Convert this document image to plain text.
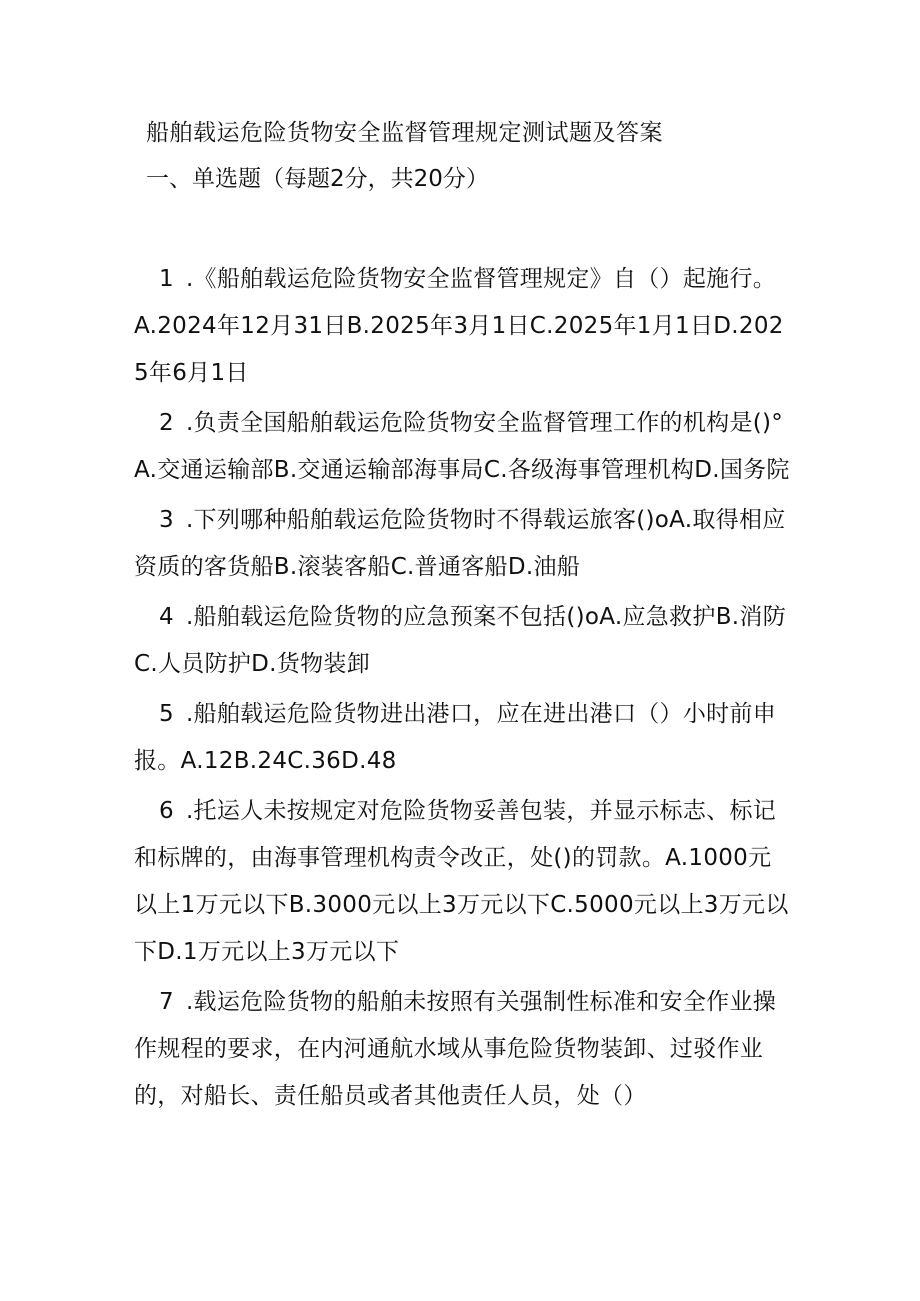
船舶载运危险货物安全监督管理规定测试题及答案
一、单选题（每题2分，共20分）
1 .《船舶载运危险货物安全监督管理规定》自（）起施行。A.2024年12月31日B.2025年3月1日C.2025年1月1日D.2025年6月1日
2 .负责全国船舶载运危险货物安全监督管理工作的机构是()°A.交通运输部B.交通运输部海事局C.各级海事管理机构D.国务院
3 .下列哪种船舶载运危险货物时不得载运旅客()oA.取得相应资质的客货船B.滚装客船C.普通客船D.油船
4 .船舶载运危险货物的应急预案不包括()oA.应急救护B.消防C.人员防护D.货物装卸
5 .船舶载运危险货物进出港口，应在进出港口（）小时前申报。A.12B.24C.36D.48
6 .托运人未按规定对危险货物妥善包装，并显示标志、标记和标牌的，由海事管理机构责令改正，处()的罚款。A.1000元以上1万元以下B.3000元以上3万元以下C.5000元以上3万元以下D.1万元以上3万元以下
7 .载运危险货物的船舶未按照有关强制性标准和安全作业操作规程的要求，在内河通航水域从事危险货物装卸、过驳作业的，对船长、责任船员或者其他责任人员，处（）
